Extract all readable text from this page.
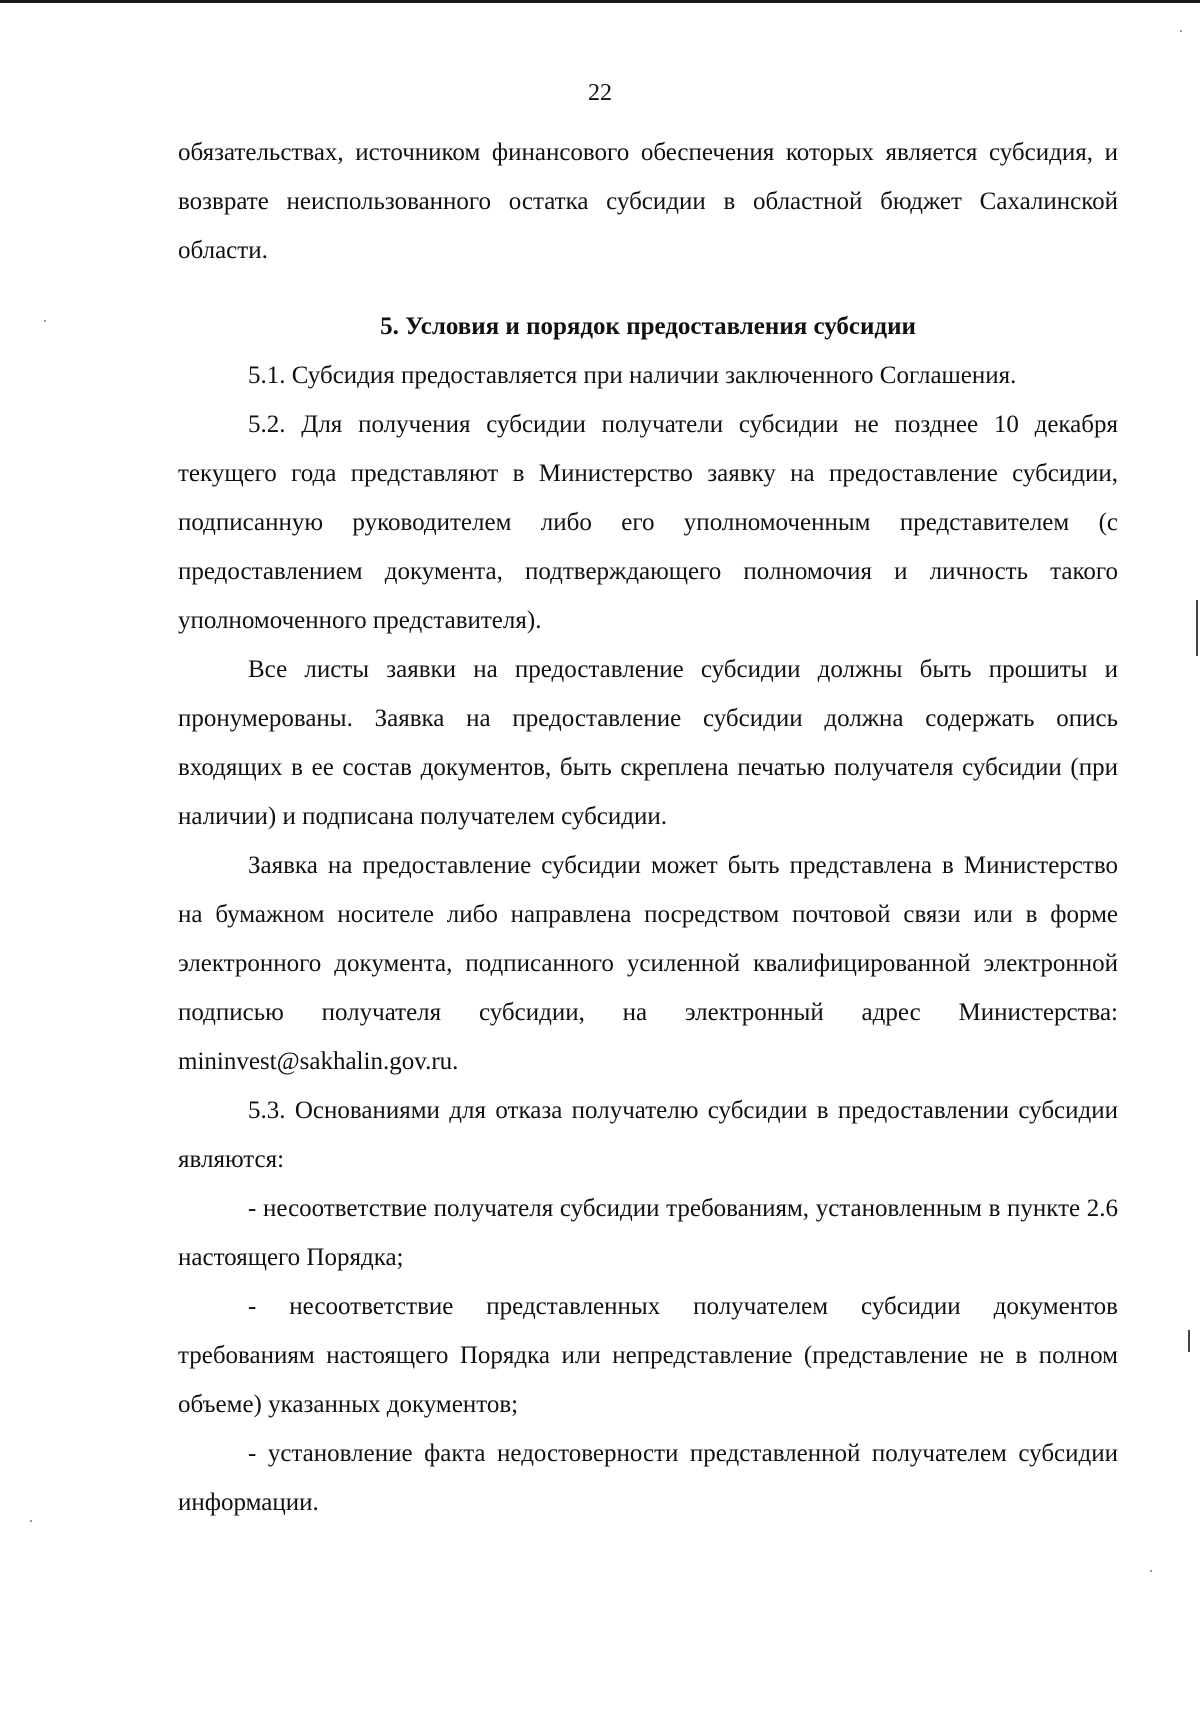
22

обязательствах, источником финансового обеспечения которых является субсидия, и возврате неиспользованного остатка субсидии в областной бюджет Сахалинской области.

5. Условия и порядок предоставления субсидии

5.1. Субсидия предоставляется при наличии заключенного Соглашения.

5.2. Для получения субсидии получатели субсидии не позднее 10 декабря текущего года представляют в Министерство заявку на предоставление субсидии, подписанную руководителем либо его уполномоченным представителем (с предоставлением документа, подтверждающего полномочия и личность такого уполномоченного представителя).

Все листы заявки на предоставление субсидии должны быть прошиты и пронумерованы. Заявка на предоставление субсидии должна содержать опись входящих в ее состав документов, быть скреплена печатью получателя субсидии (при наличии) и подписана получателем субсидии.

Заявка на предоставление субсидии может быть представлена в Министерство на бумажном носителе либо направлена посредством почтовой связи или в форме электронного документа, подписанного усиленной квалифицированной электронной подписью получателя субсидии, на электронный адрес Министерства: mininvest@sakhalin.gov.ru.

5.3. Основаниями для отказа получателю субсидии в предоставлении субсидии являются:

- несоответствие получателя субсидии требованиям, установленным в пункте 2.6 настоящего Порядка;

- несоответствие представленных получателем субсидии документов требованиям настоящего Порядка или непредставление (представление не в полном объеме) указанных документов;

- установление факта недостоверности представленной получателем субсидии информации.
